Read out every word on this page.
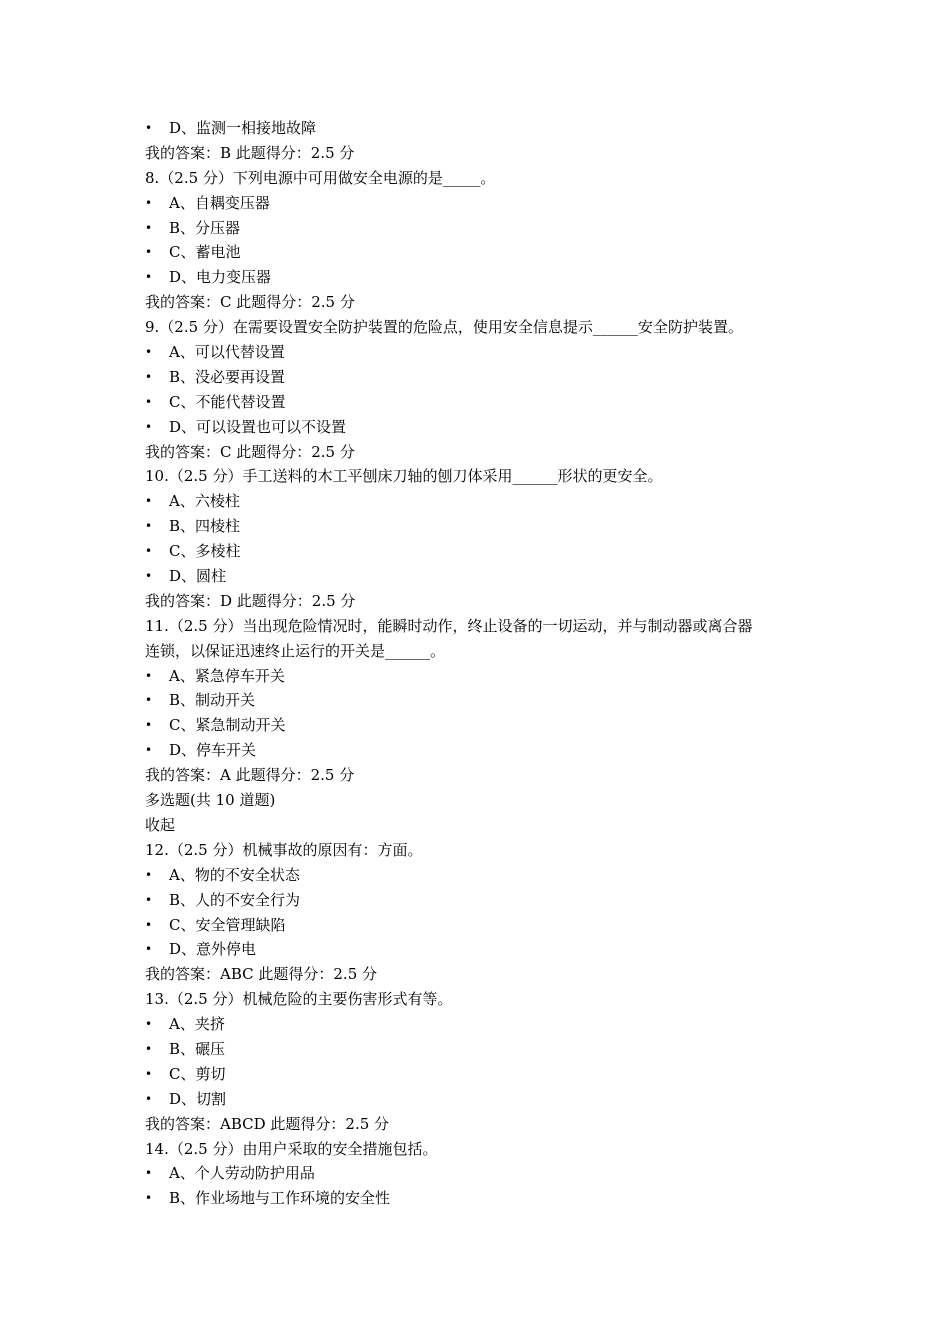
• D、监测一相接地故障
我的答案：B 此题得分：2.5 分
8.（2.5 分）下列电源中可用做安全电源的是_____。
• A、自耦变压器
• B、分压器
• C、蓄电池
• D、电力变压器
我的答案：C 此题得分：2.5 分
9.（2.5 分）在需要设置安全防护装置的危险点，使用安全信息提示______安全防护装置。
• A、可以代替设置
• B、没必要再设置
• C、不能代替设置
• D、可以设置也可以不设置
我的答案：C 此题得分：2.5 分
10.（2.5 分）手工送料的木工平刨床刀轴的刨刀体采用______形状的更安全。
• A、六棱柱
• B、四棱柱
• C、多棱柱
• D、圆柱
我的答案：D 此题得分：2.5 分
11.（2.5 分）当出现危险情况时，能瞬时动作，终止设备的一切运动，并与制动器或离合器
连锁，以保证迅速终止运行的开关是______。
• A、紧急停车开关
• B、制动开关
• C、紧急制动开关
• D、停车开关
我的答案：A 此题得分：2.5 分
多选题(共 10 道题)
收起
12.（2.5 分）机械事故的原因有：方面。
• A、物的不安全状态
• B、人的不安全行为
• C、安全管理缺陷
• D、意外停电
我的答案：ABC 此题得分：2.5 分
13.（2.5 分）机械危险的主要伤害形式有等。
• A、夹挤
• B、碾压
• C、剪切
• D、切割
我的答案：ABCD 此题得分：2.5 分
14.（2.5 分）由用户采取的安全措施包括。
• A、个人劳动防护用品
• B、作业场地与工作环境的安全性
